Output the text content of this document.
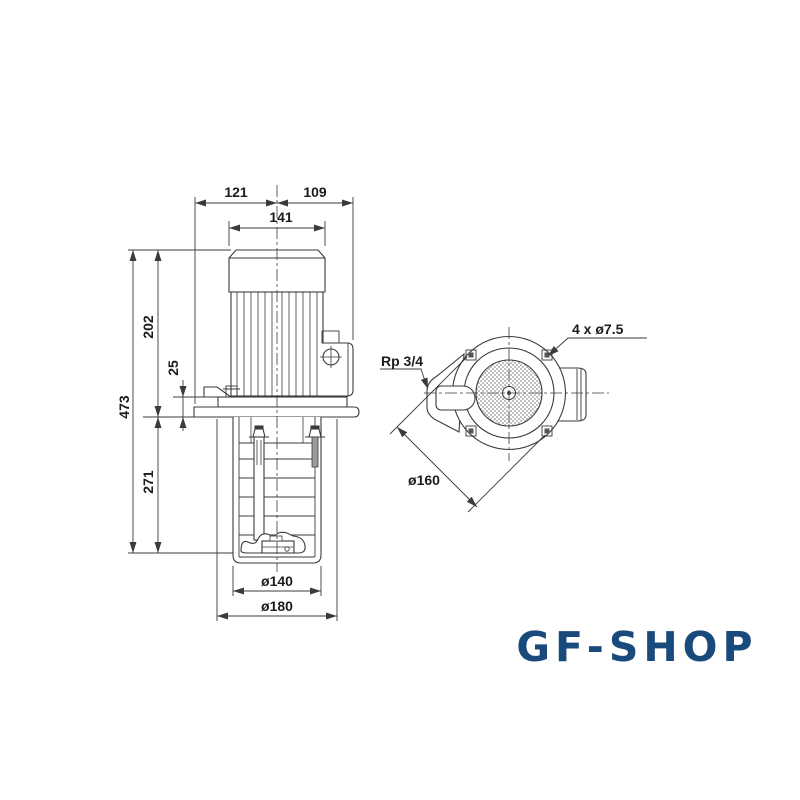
121	109
141
473
202
25
271
ø140
ø180
4 x ø7.5
Rp 3/4
ø160
GF-SHOP
